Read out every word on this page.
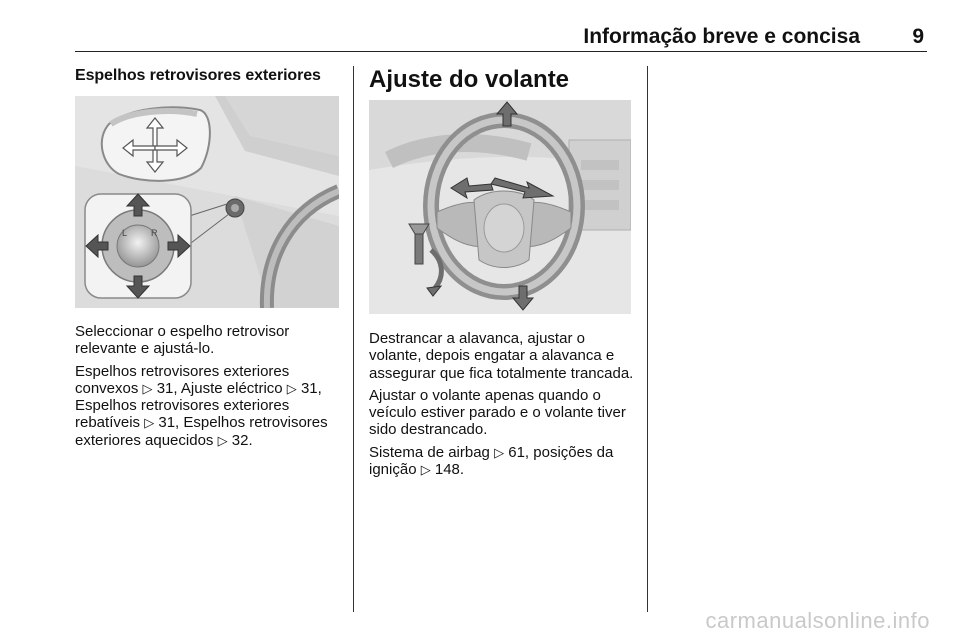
Informação breve e concisa 9
Espelhos retrovisores exteriores
L	R

Seleccionar o espelho retrovisor relevante e ajustá-lo.

Espelhos retrovisores exteriores convexos ▷ 31, Ajuste eléctrico ▷ 31, Espelhos retrovisores exteriores rebatíveis ▷ 31, Espelhos retrovisores exteriores aquecidos ▷ 32.

Ajuste do volante

Destrancar a alavanca, ajustar o volante, depois engatar a alavanca e assegurar que fica totalmente trancada.

Ajustar o volante apenas quando o veículo estiver parado e o volante tiver sido destrancado.

Sistema de airbag ▷ 61, posições da ignição ▷ 148.

carmanualsonline.info
